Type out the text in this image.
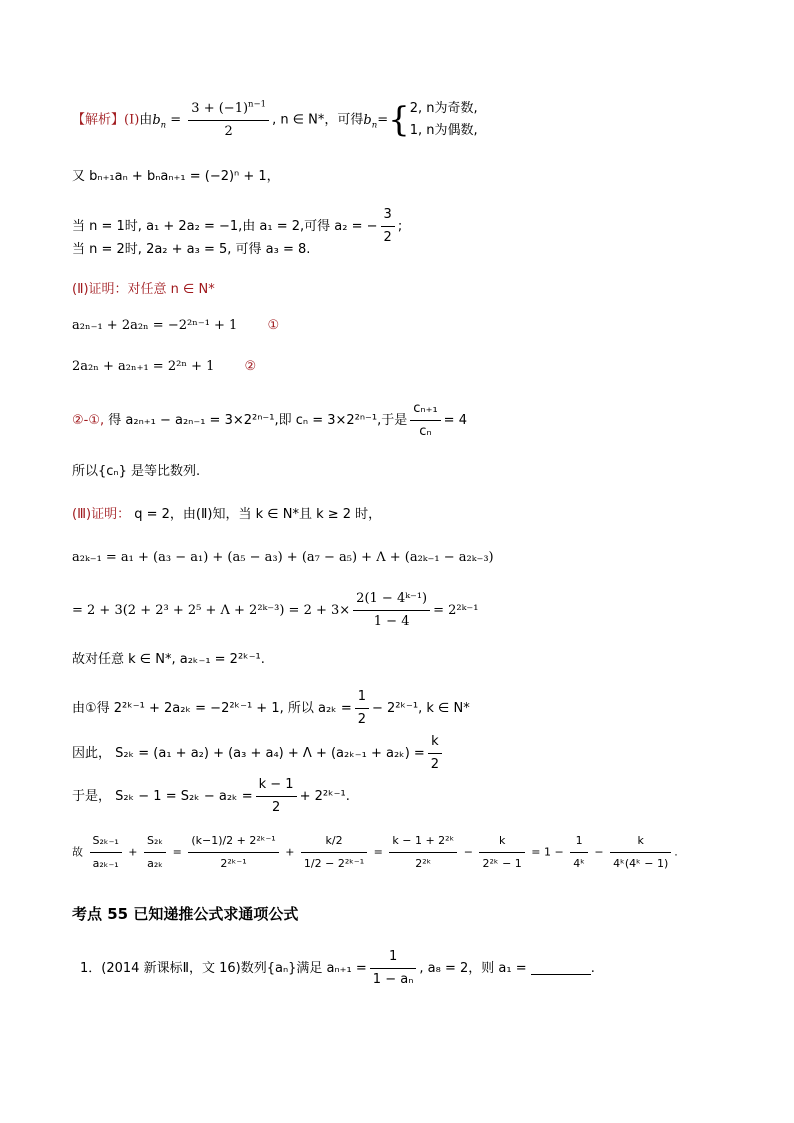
【解析】(Ⅰ)由$b_n = \frac{3 + (-1)^{n-1}}{2}$ , n ∈ N*，可得$b_n=${ 2, n为奇数,
1, n为偶数,
又 bₙ₊₁aₙ + bₙaₙ₊₁ = (−2)ⁿ + 1，
当 n = 1时, a₁ + 2a₂ = −1,由 a₁ = 2,可得 a₂ = − $\frac{3}{2}$ ;
当 n = 2时, 2a₂ + a₃ = 5, 可得 a₃ = 8.
(Ⅱ)证明：对任意 n ∈ N*
a₂ₙ₋₁ + 2a₂ₙ = −2²ⁿ⁻¹ + 1 ①
2a₂ₙ + a₂ₙ₊₁ = 2²ⁿ + 1 ②
②-①, 得 a₂ₙ₊₁ − a₂ₙ₋₁ = 3×2²ⁿ⁻¹,即 cₙ = 3×2²ⁿ⁻¹,于是 $\frac{\text{cₙ₊₁}}{\text{cₙ}} = 4$
所以{cₙ} 是等比数列.
(Ⅲ)证明： q = 2，由(Ⅱ)知，当 k ∈ N*且 k ≥ 2 时，
a₂ₖ₋₁ = a₁ + (a₃ − a₁) + (a₅ − a₃) + (a₇ − a₅) + Λ + (a₂ₖ₋₁ − a₂ₖ₋₃)
= 2 + 3(2 + 2³ + 2⁵ + Λ + 2²ᵏ⁻³) = $2 + 3\times \frac{\text{2(1 − 4ᵏ⁻¹)}}{1 - 4}$ = 2²ᵏ⁻¹
故对任意 k ∈ N*, a₂ₖ₋₁ = 2²ᵏ⁻¹.
由①得 2²ᵏ⁻¹ + 2a₂ₖ = −2²ᵏ⁻¹ + 1, 所以 $a_{2k} = \frac{1}{2}$ − 2²ᵏ⁻¹, k ∈ N*
因此， $S_{2k} = (a_1 + a_2) + (a_3 + a_4) + \Lambda + (a_{2k-1} + a_{2k}) = \frac{k}{2}$
于是， $S_{2k} - 1 = S_{2k} - a_{2k} = \frac{k - 1}{2}$ + 2²ᵏ⁻¹.
故 $\frac{\text{S₂ₖ₋₁}}{\text{a₂ₖ₋₁}} + \frac{\text{S₂ₖ}}{\text{a₂ₖ}} = \frac{\text{(k−1)/2 + 2²ᵏ⁻¹}}{\text{2²ᵏ⁻¹}} + \frac{k/2}{\text{1/2 − 2²ᵏ⁻¹}} = \frac{\text{k − 1 + 2²ᵏ}}{\text{2²ᵏ}} - \frac{k}{\text{2²ᵏ − 1}} = 1 - \frac{1}{\text{4ᵏ}} - \frac{k}{\text{4ᵏ(4ᵏ − 1)}}$ .
考点 55 已知递推公式求通项公式
1．(2014 新课标Ⅱ，文 16)数列{aₙ}满足 $a_{n+1} = \frac{1}{\text{1 − aₙ}}$ , a₈ = 2，则 a₁ =	.
